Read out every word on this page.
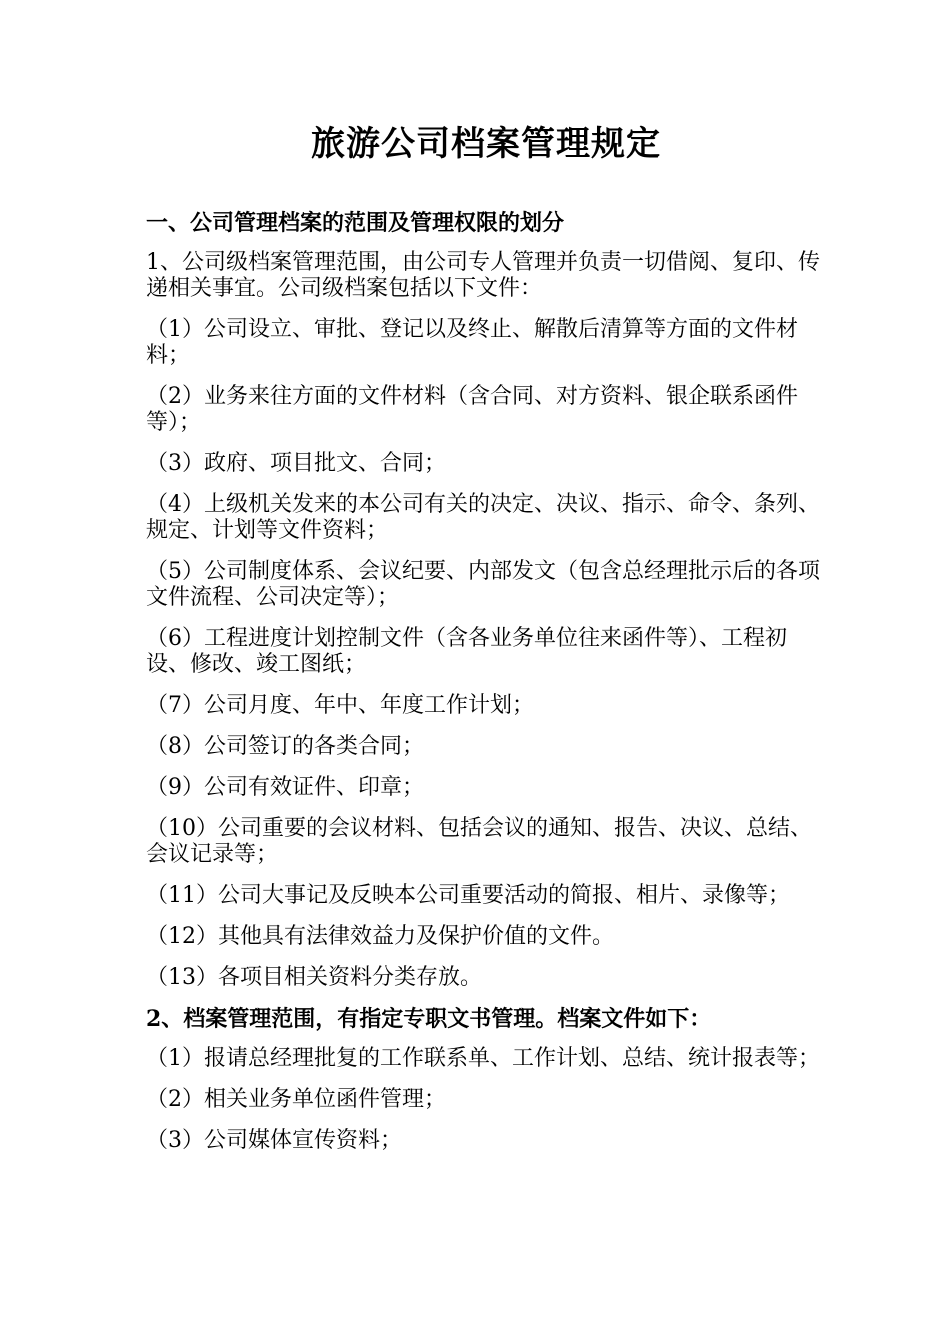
旅游公司档案管理规定
一、公司管理档案的范围及管理权限的划分
1、公司级档案管理范围，由公司专人管理并负责一切借阅、复印、传递相关事宜。公司级档案包括以下文件：
（1）公司设立、审批、登记以及终止、解散后清算等方面的文件材料；
（2）业务来往方面的文件材料（含合同、对方资料、银企联系函件等）；
（3）政府、项目批文、合同；
（4）上级机关发来的本公司有关的决定、决议、指示、命令、条列、规定、计划等文件资料；
（5）公司制度体系、会议纪要、内部发文（包含总经理批示后的各项文件流程、公司决定等）；
（6）工程进度计划控制文件（含各业务单位往来函件等）、工程初设、修改、竣工图纸；
（7）公司月度、年中、年度工作计划；
（8）公司签订的各类合同；
（9）公司有效证件、印章；
（10）公司重要的会议材料、包括会议的通知、报告、决议、总结、会议记录等；
（11）公司大事记及反映本公司重要活动的简报、相片、录像等；
（12）其他具有法律效益力及保护价值的文件。
（13）各项目相关资料分类存放。
2、档案管理范围，有指定专职文书管理。档案文件如下：
（1）报请总经理批复的工作联系单、工作计划、总结、统计报表等；
（2）相关业务单位函件管理；
（3）公司媒体宣传资料；
